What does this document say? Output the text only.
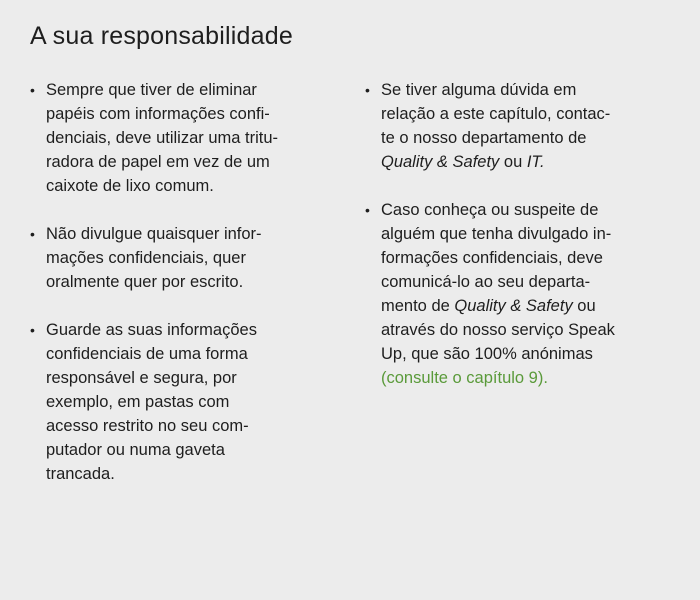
A sua responsabilidade
• Sempre que tiver de eliminar
papéis com informações confi-
denciais, deve utilizar uma tritu-
radora de papel em vez de um
caixote de lixo comum.
• Não divulgue quaisquer infor-
mações confidenciais, quer
oralmente quer por escrito.
• Guarde as suas informações
confidenciais de uma forma
responsável e segura, por
exemplo, em pastas com
acesso restrito no seu com-
putador ou numa gaveta
trancada.
• Se tiver alguma dúvida em
relação a este capítulo, contac-
te o nosso departamento de
Quality & Safety ou IT.
• Caso conheça ou suspeite de
alguém que tenha divulgado in-
formações confidenciais, deve
comunicá-lo ao seu departa-
mento de Quality & Safety ou
através do nosso serviço Speak
Up, que são 100% anónimas
(consulte o capítulo 9).
